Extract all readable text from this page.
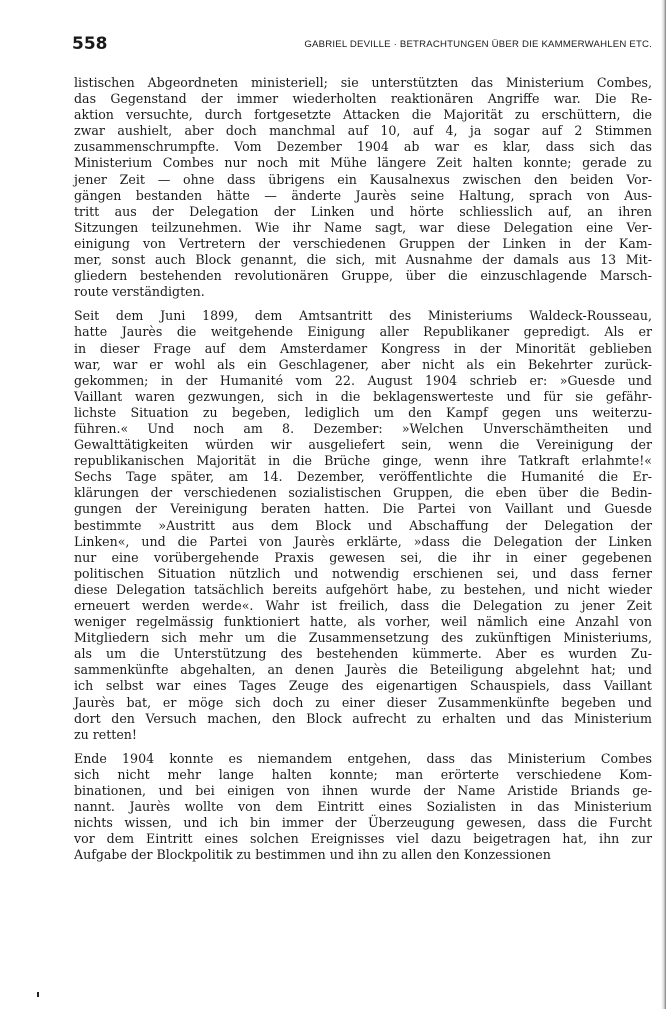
558	GABRIEL DEVILLE · BETRACHTUNGEN ÜBER DIE KAMMERWAHLEN ETC.
listischen Abgeordneten ministeriell; sie unterstützten das Ministerium Combes,
das Gegenstand der immer wiederholten reaktionären Angriffe war. Die Re-
aktion versuchte, durch fortgesetzte Attacken die Majorität zu erschüttern, die
zwar aushielt, aber doch manchmal auf 10, auf 4, ja sogar auf 2 Stimmen
zusammenschrumpfte. Vom Dezember 1904 ab war es klar, dass sich das
Ministerium Combes nur noch mit Mühe längere Zeit halten konnte; gerade zu
jener Zeit — ohne dass übrigens ein Kausalnexus zwischen den beiden Vor-
gängen bestanden hätte — änderte Jaurès seine Haltung, sprach von Aus-
tritt aus der Delegation der Linken und hörte schliesslich auf, an ihren
Sitzungen teilzunehmen. Wie ihr Name sagt, war diese Delegation eine Ver-
einigung von Vertretern der verschiedenen Gruppen der Linken in der Kam-
mer, sonst auch Block genannt, die sich, mit Ausnahme der damals aus 13 Mit-
gliedern bestehenden revolutionären Gruppe, über die einzuschlagende Marsch-
route verständigten.
Seit dem Juni 1899, dem Amtsantritt des Ministeriums Waldeck-Rousseau,
hatte Jaurès die weitgehende Einigung aller Republikaner gepredigt. Als er
in dieser Frage auf dem Amsterdamer Kongress in der Minorität geblieben
war, war er wohl als ein Geschlagener, aber nicht als ein Bekehrter zurück-
gekommen; in der Humanité vom 22. August 1904 schrieb er: »Guesde und
Vaillant waren gezwungen, sich in die beklagenswerteste und für sie gefähr-
lichste Situation zu begeben, lediglich um den Kampf gegen uns weiterzu-
führen.« Und noch am 8. Dezember: »Welchen Unverschämtheiten und
Gewalttätigkeiten würden wir ausgeliefert sein, wenn die Vereinigung der
republikanischen Majorität in die Brüche ginge, wenn ihre Tatkraft erlahmte!«
Sechs Tage später, am 14. Dezember, veröffentlichte die Humanité die Er-
klärungen der verschiedenen sozialistischen Gruppen, die eben über die Bedin-
gungen der Vereinigung beraten hatten. Die Partei von Vaillant und Guesde
bestimmte »Austritt aus dem Block und Abschaffung der Delegation der
Linken«, und die Partei von Jaurès erklärte, »dass die Delegation der Linken
nur eine vorübergehende Praxis gewesen sei, die ihr in einer gegebenen
politischen Situation nützlich und notwendig erschienen sei, und dass ferner
diese Delegation tatsächlich bereits aufgehört habe, zu bestehen, und nicht wieder
erneuert werden werde«. Wahr ist freilich, dass die Delegation zu jener Zeit
weniger regelmässig funktioniert hatte, als vorher, weil nämlich eine Anzahl von
Mitgliedern sich mehr um die Zusammensetzung des zukünftigen Ministeriums,
als um die Unterstützung des bestehenden kümmerte. Aber es wurden Zu-
sammenkünfte abgehalten, an denen Jaurès die Beteiligung abgelehnt hat; und
ich selbst war eines Tages Zeuge des eigenartigen Schauspiels, dass Vaillant
Jaurès bat, er möge sich doch zu einer dieser Zusammenkünfte begeben und
dort den Versuch machen, den Block aufrecht zu erhalten und das Ministerium
zu retten!
Ende 1904 konnte es niemandem entgehen, dass das Ministerium Combes
sich nicht mehr lange halten konnte; man erörterte verschiedene Kom-
binationen, und bei einigen von ihnen wurde der Name Aristide Briands ge-
nannt. Jaurès wollte von dem Eintritt eines Sozialisten in das Ministerium
nichts wissen, und ich bin immer der Überzeugung gewesen, dass die Furcht
vor dem Eintritt eines solchen Ereignisses viel dazu beigetragen hat, ihn zur
Aufgabe der Blockpolitik zu bestimmen und ihn zu allen den Konzessionen
